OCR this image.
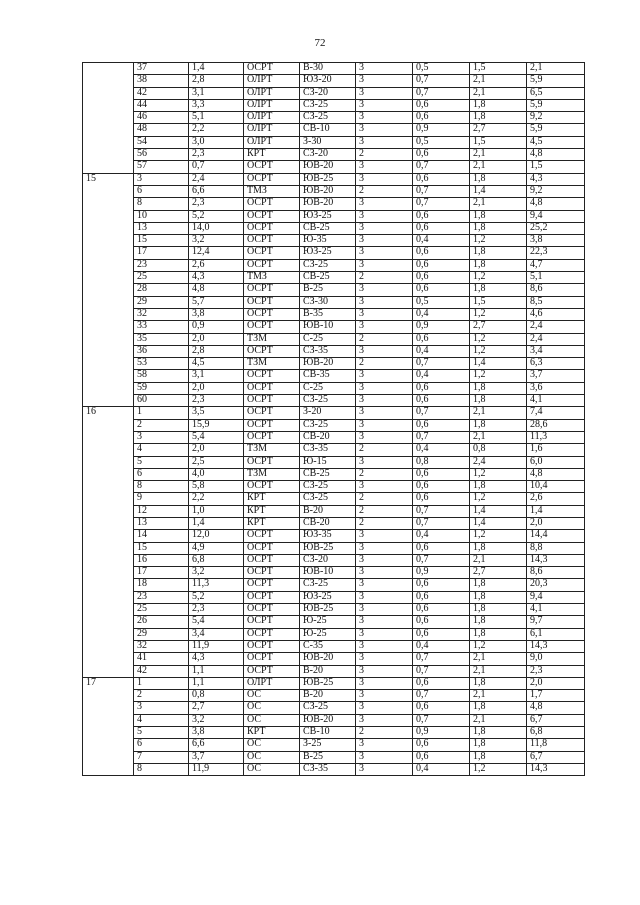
72
	37	1,4	ОСРТ	В-30	3	0,5	1,5	2,1
	38	2,8	ОЛРТ	ЮЗ-20	3	0,7	2,1	5,9
	42	3,1	ОЛРТ	СЗ-20	3	0,7	2,1	6,5
	44	3,3	ОЛРТ	СЗ-25	3	0,6	1,8	5,9
	46	5,1	ОЛРТ	СЗ-25	3	0,6	1,8	9,2
	48	2,2	ОЛРТ	СВ-10	3	0,9	2,7	5,9
	54	3,0	ОЛРТ	З-30	3	0,5	1,5	4,5
	56	2,3	КРТ	СЗ-20	2	0,6	2,1	4,8
	57	0,7	ОСРТ	ЮВ-20	3	0,7	2,1	1,5
15	3	2,4	ОСРТ	ЮВ-25	3	0,6	1,8	4,3
	6	6,6	ТМЗ	ЮВ-20	2	0,7	1,4	9,2
	8	2,3	ОСРТ	ЮВ-20	3	0,7	2,1	4,8
	10	5,2	ОСРТ	ЮЗ-25	3	0,6	1,8	9,4
	13	14,0	ОСРТ	СВ-25	3	0,6	1,8	25,2
	15	3,2	ОСРТ	Ю-35	3	0,4	1,2	3,8
	17	12,4	ОСРТ	ЮЗ-25	3	0,6	1,8	22,3
	23	2,6	ОСРТ	СЗ-25	3	0,6	1,8	4,7
	25	4,3	ТМЗ	СВ-25	2	0,6	1,2	5,1
	28	4,8	ОСРТ	В-25	3	0,6	1,8	8,6
	29	5,7	ОСРТ	СЗ-30	3	0,5	1,5	8,5
	32	3,8	ОСРТ	В-35	3	0,4	1,2	4,6
	33	0,9	ОСРТ	ЮВ-10	3	0,9	2,7	2,4
	35	2,0	ТЗМ	С-25	2	0,6	1,2	2,4
	36	2,8	ОСРТ	СЗ-35	3	0,4	1,2	3,4
	53	4,5	ТЗМ	ЮВ-20	2	0,7	1,4	6,3
	58	3,1	ОСРТ	СВ-35	3	0,4	1,2	3,7
	59	2,0	ОСРТ	С-25	3	0,6	1,8	3,6
	60	2,3	ОСРТ	СЗ-25	3	0,6	1,8	4,1
16	1	3,5	ОСРТ	З-20	3	0,7	2,1	7,4
	2	15,9	ОСРТ	СЗ-25	3	0,6	1,8	28,6
	3	5,4	ОСРТ	СВ-20	3	0,7	2,1	11,3
	4	2,0	ТЗМ	СЗ-35	2	0,4	0,8	1,6
	5	2,5	ОСРТ	Ю-15	3	0,8	2,4	6,0
	6	4,0	ТЗМ	СВ-25	2	0,6	1,2	4,8
	8	5,8	ОСРТ	СЗ-25	3	0,6	1,8	10,4
	9	2,2	КРТ	СЗ-25	2	0,6	1,2	2,6
	12	1,0	КРТ	В-20	2	0,7	1,4	1,4
	13	1,4	КРТ	СВ-20	2	0,7	1,4	2,0
	14	12,0	ОСРТ	ЮЗ-35	3	0,4	1,2	14,4
	15	4,9	ОСРТ	ЮВ-25	3	0,6	1,8	8,8
	16	6,8	ОСРТ	СЗ-20	3	0,7	2,1	14,3
	17	3,2	ОСРТ	ЮВ-10	3	0,9	2,7	8,6
	18	11,3	ОСРТ	СЗ-25	3	0,6	1,8	20,3
	23	5,2	ОСРТ	ЮЗ-25	3	0,6	1,8	9,4
	25	2,3	ОСРТ	ЮВ-25	3	0,6	1,8	4,1
	26	5,4	ОСРТ	Ю-25	3	0,6	1,8	9,7
	29	3,4	ОСРТ	Ю-25	3	0,6	1,8	6,1
	32	11,9	ОСРТ	С-35	3	0,4	1,2	14,3
	41	4,3	ОСРТ	ЮВ-20	3	0,7	2,1	9,0
	42	1,1	ОСРТ	В-20	3	0,7	2,1	2,3
17	1	1,1	ОЛРТ	ЮВ-25	3	0,6	1,8	2,0
	2	0,8	ОС	В-20	3	0,7	2,1	1,7
	3	2,7	ОС	СЗ-25	3	0,6	1,8	4,8
	4	3,2	ОС	ЮВ-20	3	0,7	2,1	6,7
	5	3,8	КРТ	СВ-10	2	0,9	1,8	6,8
	6	6,6	ОС	З-25	3	0,6	1,8	11,8
	7	3,7	ОС	В-25	3	0,6	1,8	6,7
	8	11,9	ОС	СЗ-35	3	0,4	1,2	14,3
